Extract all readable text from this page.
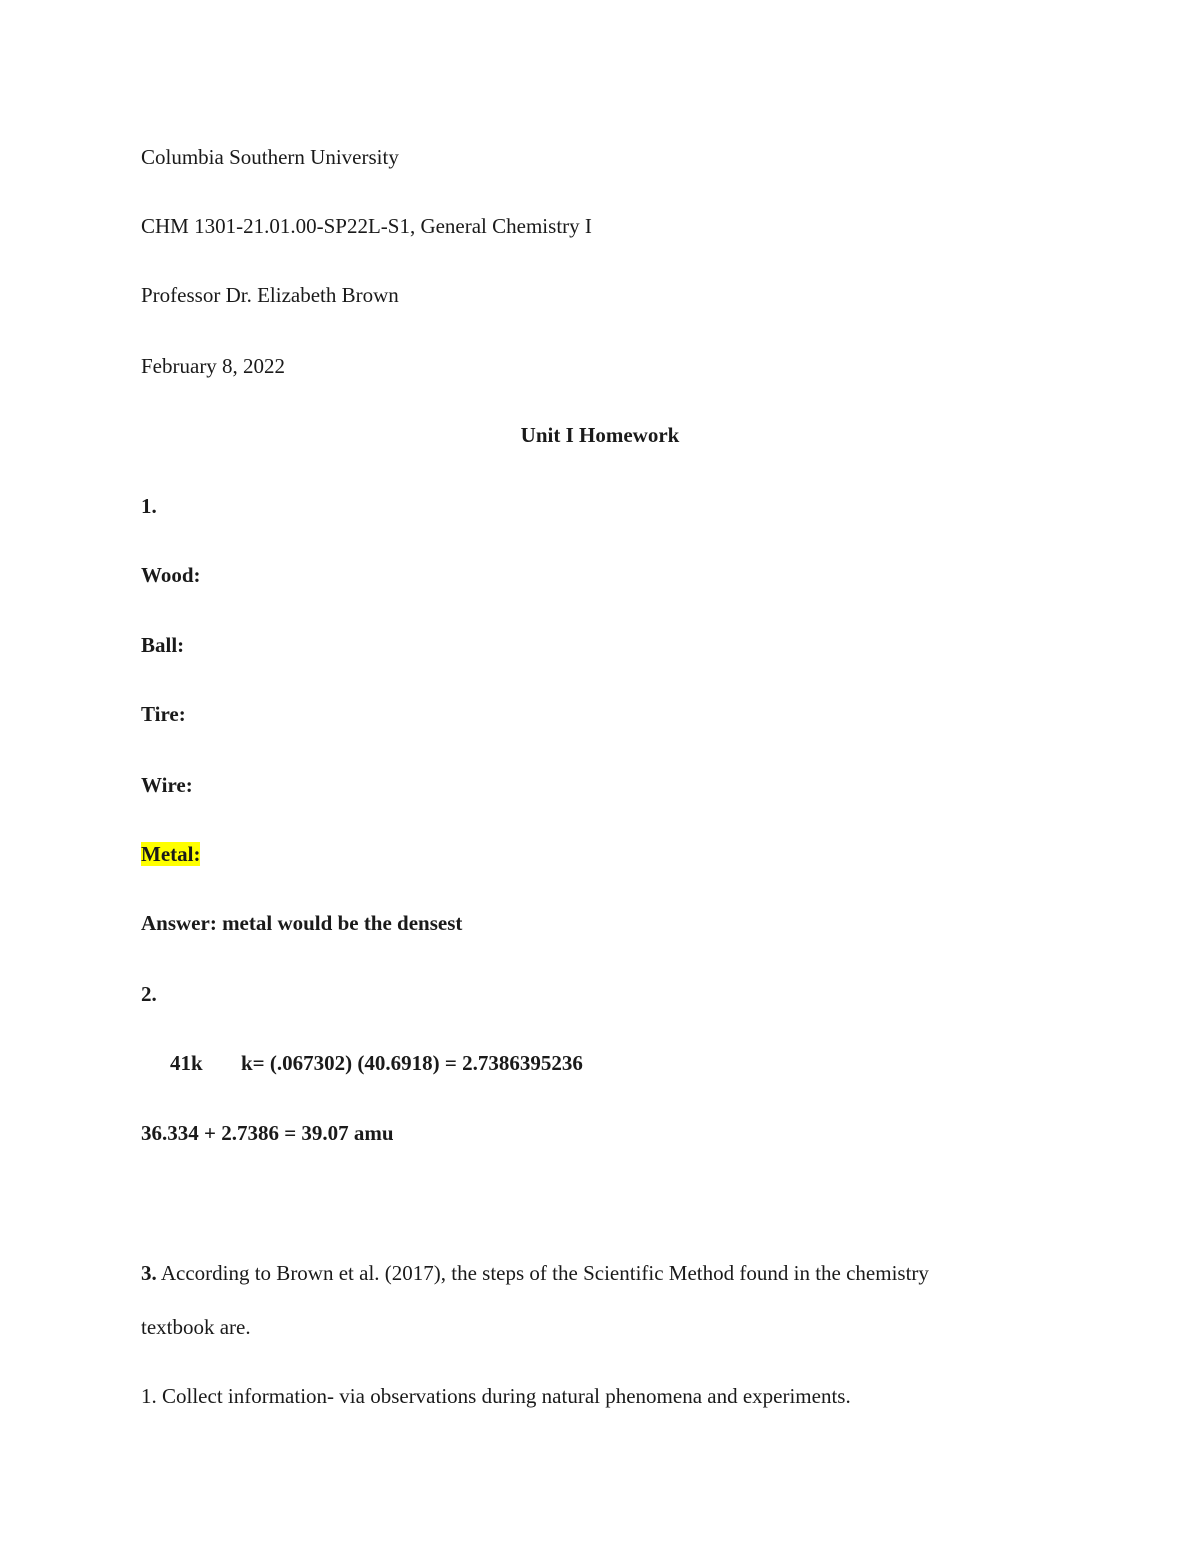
Columbia Southern University
CHM 1301-21.01.00-SP22L-S1, General Chemistry I
Professor Dr. Elizabeth Brown
February 8, 2022
Unit I Homework
1.
Wood:
Ball:
Tire:
Wire:
Metal:
Answer: metal would be the densest
2.
41k k= (.067302) (40.6918) = 2.7386395236
36.334 + 2.7386 = 39.07 amu
3. According to Brown et al. (2017), the steps of the Scientific Method found in the chemistry
textbook are.
1. Collect information- via observations during natural phenomena and experiments.
